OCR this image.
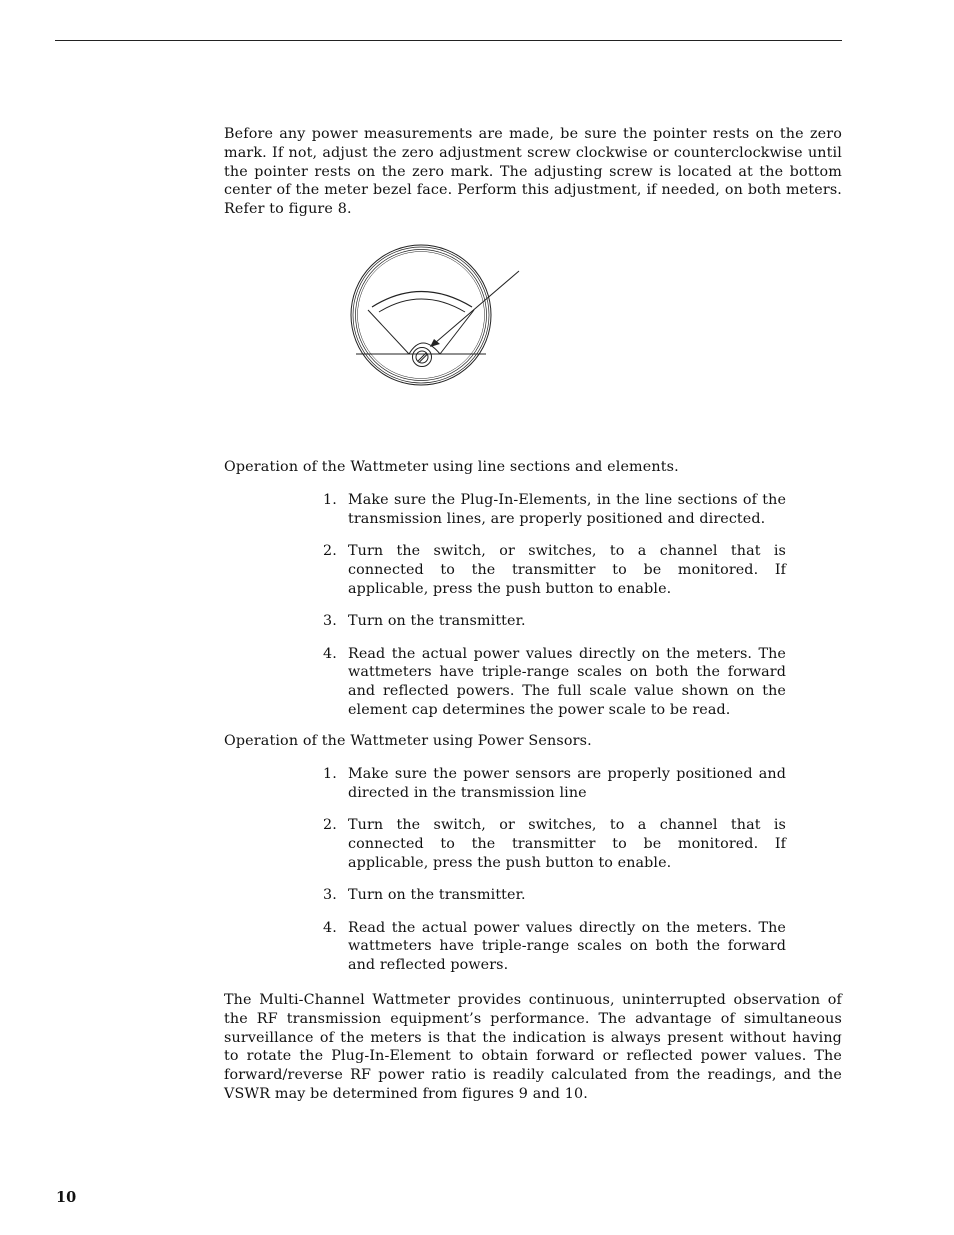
Before any power measurements are made, be sure the pointer rests on the zero mark. If not, adjust the zero adjustment screw clockwise or counterclockwise until the pointer rests on the zero mark. The adjusting screw is located at the bottom center of the meter bezel face. Perform this adjustment, if needed, on both meters. Refer to figure 8.

Operation of the Wattmeter using line sections and elements.

1. Make sure the Plug-In-Elements, in the line sections of the transmission lines, are properly positioned and directed.
2. Turn the switch, or switches, to a channel that is connected to the transmitter to be monitored. If applicable, press the push button to enable.
3. Turn on the transmitter.
4. Read the actual power values directly on the meters. The wattmeters have triple-range scales on both the forward and reflected powers. The full scale value shown on the element cap determines the power scale to be read.

Operation of the Wattmeter using Power Sensors.

1. Make sure the power sensors are properly positioned and directed in the transmission line
2. Turn the switch, or switches, to a channel that is connected to the transmitter to be monitored. If applicable, press the push button to enable.
3. Turn on the transmitter.
4. Read the actual power values directly on the meters. The wattmeters have triple-range scales on both the forward and reflected powers.

The Multi-Channel Wattmeter provides continuous, uninterrupted observation of the RF transmission equipment’s performance. The advantage of simultaneous surveillance of the meters is that the indication is always present without having to rotate the Plug-In-Element to obtain forward or reflected power values. The forward/reverse RF power ratio is readily calculated from the readings, and the VSWR may be determined from figures 9 and 10.

10
